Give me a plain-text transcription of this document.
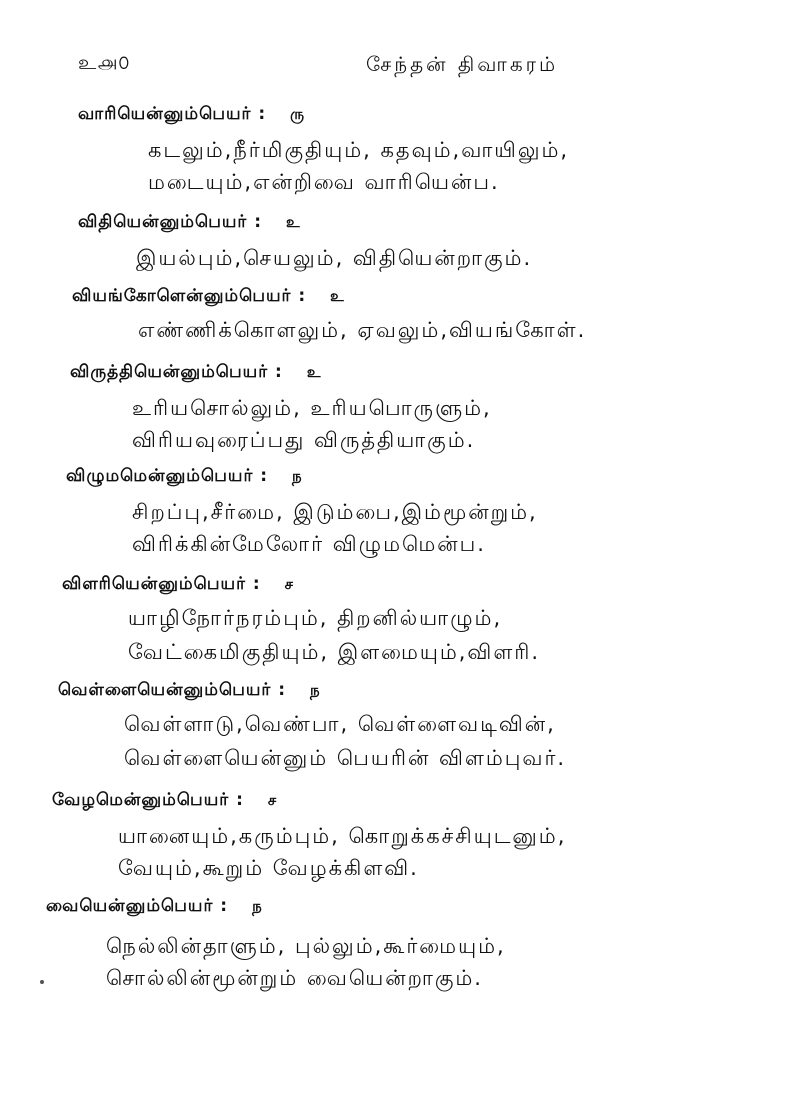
உ௮௦	சேந்தன் திவாகரம்
வாரியென்னும்பெயர் : ரு
கடலும்,நீர்மிகுதியும், கதவும்,வாயிலும்,
மடையும்,என்றிவை வாரியென்ப.
விதியென்னும்பெயர் : உ
இயல்பும்,செயலும், விதியென்றாகும்.
வியங்கோளென்னும்பெயர் : உ
எண்ணிக்கொளலும், ஏவலும்,வியங்கோள்.
விருத்தியென்னும்பெயர் : உ
உரியசொல்லும், உரியபொருளும்,
விரியவுரைப்பது விருத்தியாகும்.
விழுமமென்னும்பெயர் : ந
சிறப்பு,சீர்மை, இடும்பை,இம்மூன்றும்,
விரிக்கின்மேலோர் விழுமமென்ப.
விளரியென்னும்பெயர் : ச
யாழிநோர்நரம்பும், திறனில்யாழும்,
வேட்கைமிகுதியும், இளமையும்,விளரி.
வெள்ளையென்னும்பெயர் : ந
வெள்ளாடு,வெண்பா, வெள்ளைவடிவின்,
வெள்ளையென்னும் பெயரின் விளம்புவர்.
வேழமென்னும்பெயர் : ச
யானையும்,கரும்பும், கொறுக்கச்சியுடனும்,
வேயும்,கூறும் வேழக்கிளவி.
வையென்னும்பெயர் : ந
நெல்லின்தாளும், புல்லும்,கூர்மையும்,
சொல்லின்மூன்றும் வையென்றாகும்.
